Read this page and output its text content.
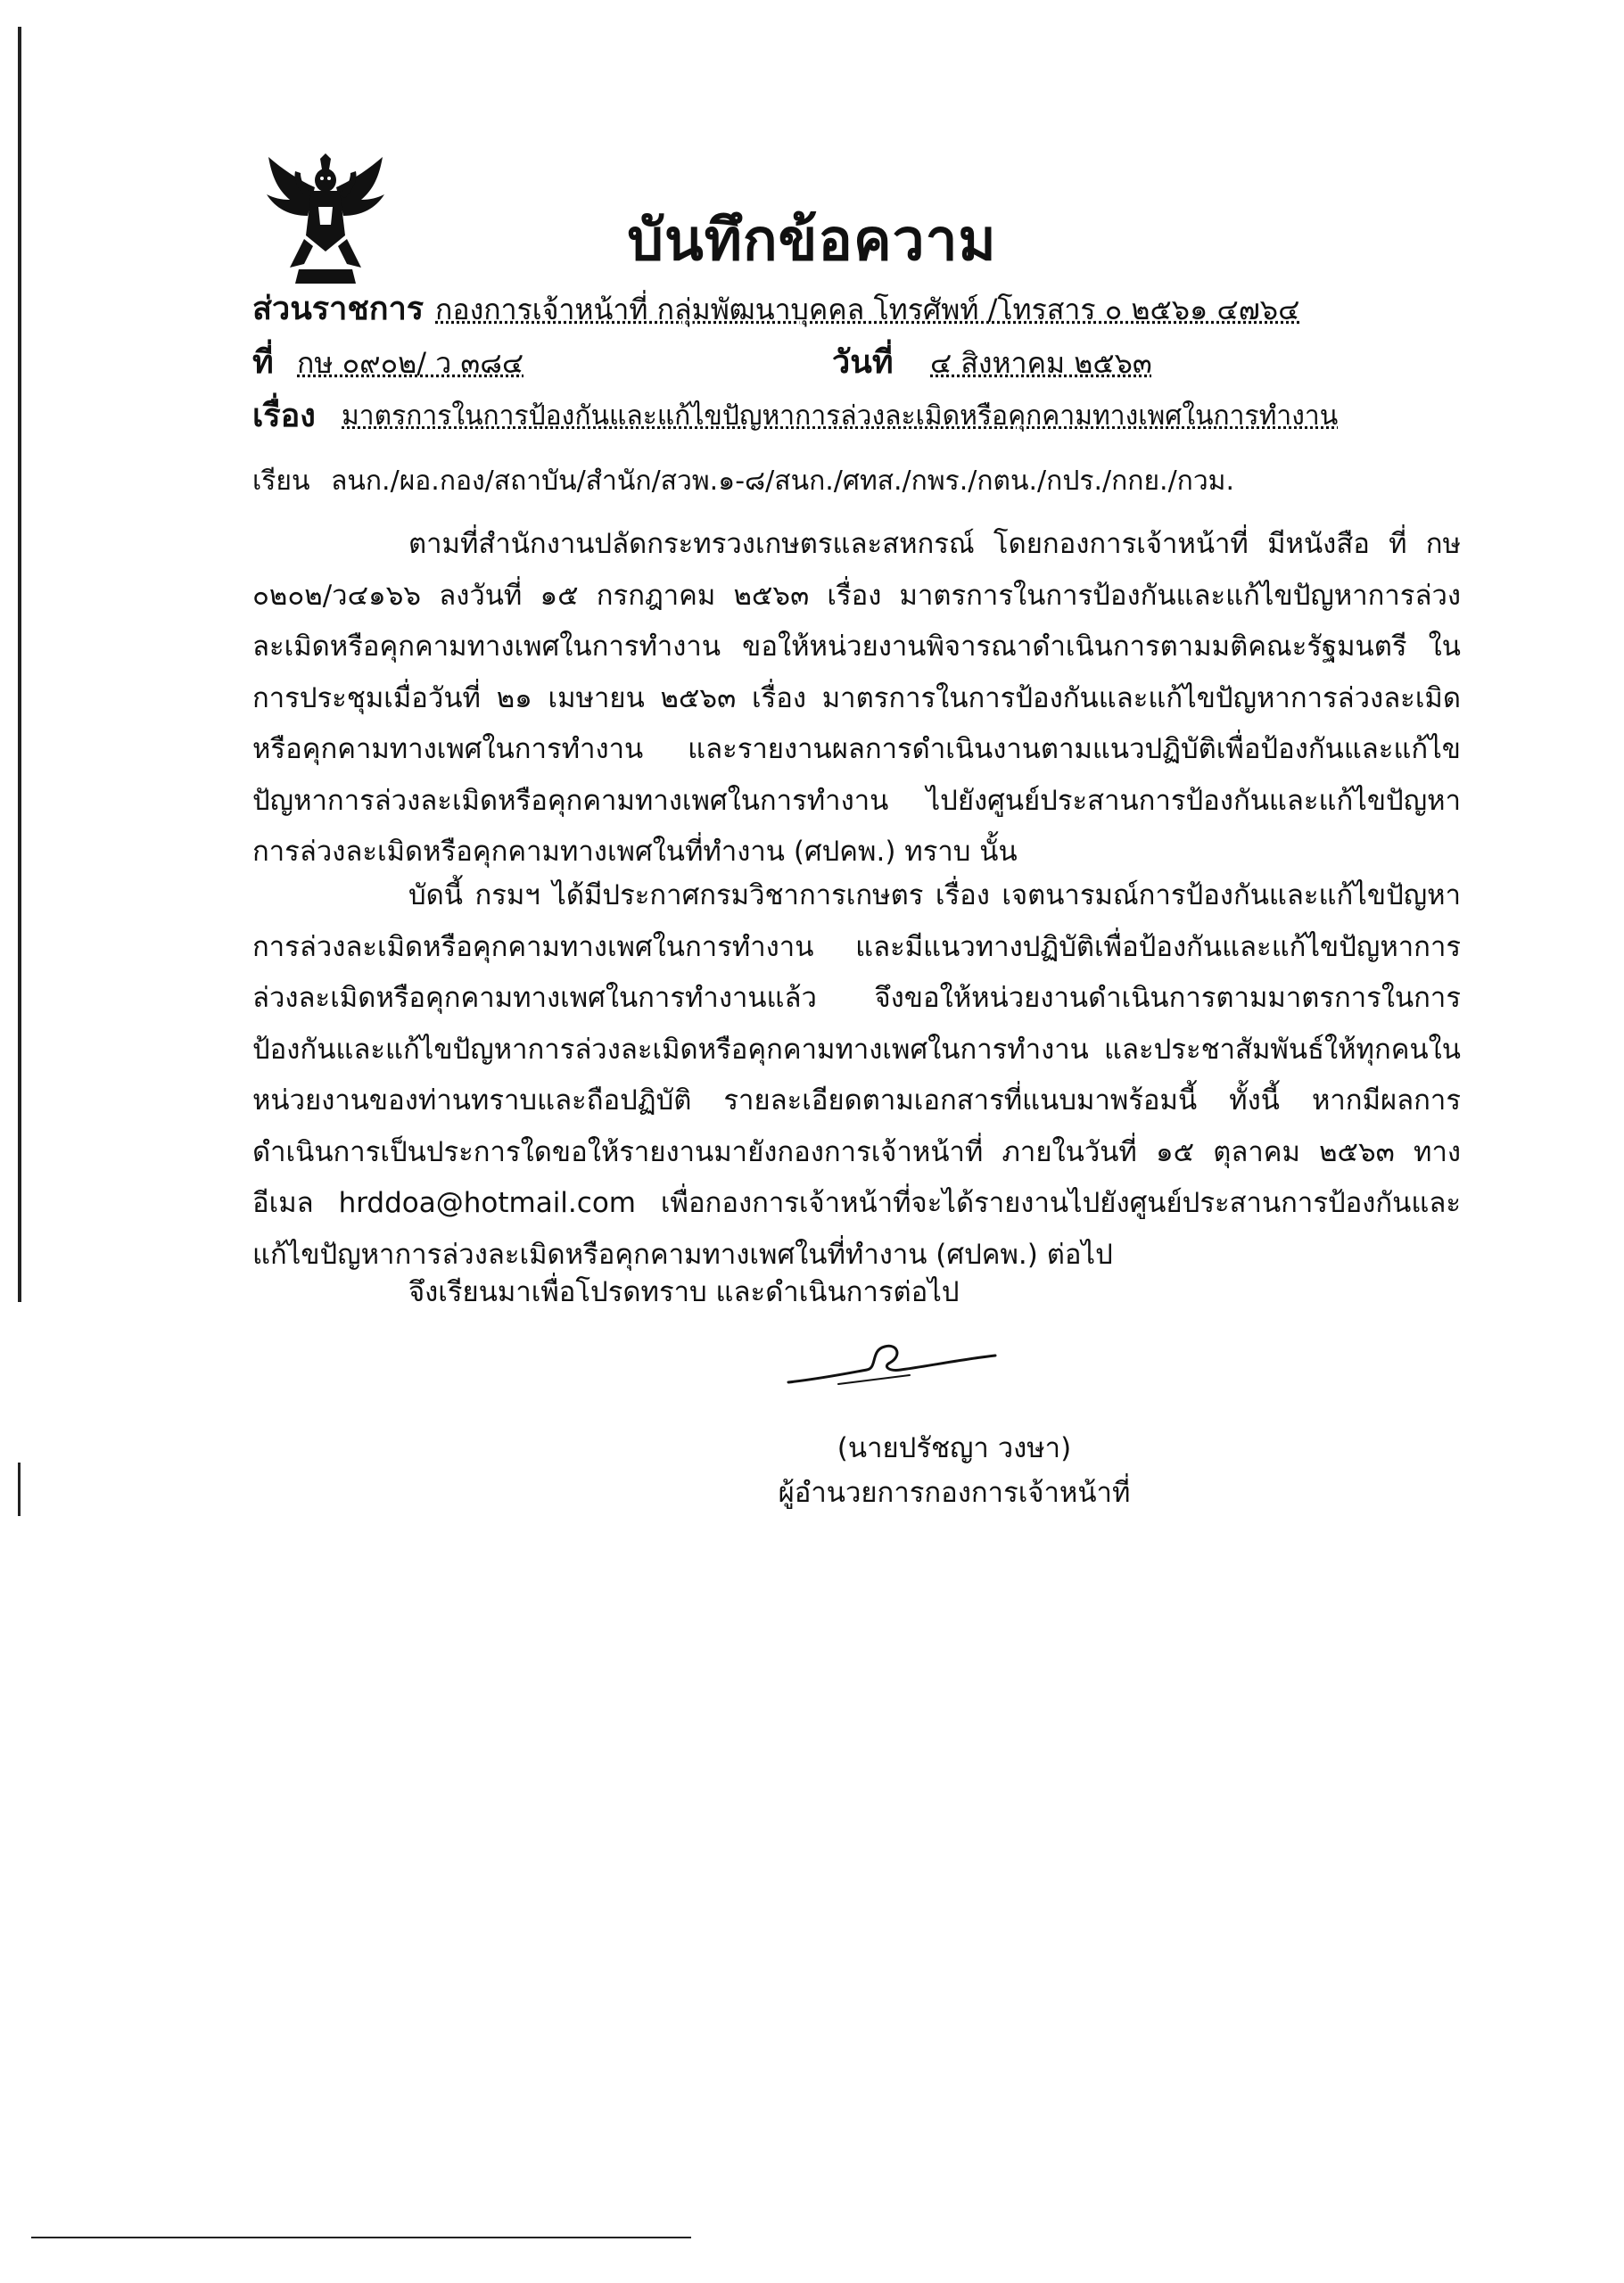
บันทึกข้อความ
ส่วนราชการ กองการเจ้าหน้าที่ กลุ่มพัฒนาบุคคล โทรศัพท์ /โทรสาร ๐ ๒๕๖๑ ๔๗๖๔
ที่ กษ ๐๙๐๒/ ว ๓๘๔	วันที่ ๔ สิงหาคม ๒๕๖๓
เรื่อง มาตรการในการป้องกันและแก้ไขปัญหาการล่วงละเมิดหรือคุกคามทางเพศในการทำงาน
เรียน ลนก./ผอ.กอง/สถาบัน/สำนัก/สวพ.๑-๘/สนก./ศทส./กพร./กตน./กปร./กกย./กวม.

ตามที่สำนักงานปลัดกระทรวงเกษตรและสหกรณ์ โดยกองการเจ้าหน้าที่ มีหนังสือ ที่ กษ ๐๒๐๒/ว๔๑๖๖ ลงวันที่ ๑๕ กรกฎาคม ๒๕๖๓ เรื่อง มาตรการในการป้องกันและแก้ไขปัญหาการล่วงละเมิดหรือคุกคามทางเพศในการทำงาน ขอให้หน่วยงานพิจารณาดำเนินการตามมติคณะรัฐมนตรี ในการประชุมเมื่อวันที่ ๒๑ เมษายน ๒๕๖๓ เรื่อง มาตรการในการป้องกันและแก้ไขปัญหาการล่วงละเมิดหรือคุกคามทางเพศในการทำงาน และรายงานผลการดำเนินงานตามแนวปฏิบัติเพื่อป้องกันและแก้ไขปัญหาการล่วงละเมิดหรือคุกคามทางเพศในการทำงาน ไปยังศูนย์ประสานการป้องกันและแก้ไขปัญหาการล่วงละเมิดหรือคุกคามทางเพศในที่ทำงาน (ศปคพ.) ทราบ นั้น

บัดนี้ กรมฯ ได้มีประกาศกรมวิชาการเกษตร เรื่อง เจตนารมณ์การป้องกันและแก้ไขปัญหาการล่วงละเมิดหรือคุกคามทางเพศในการทำงาน และมีแนวทางปฏิบัติเพื่อป้องกันและแก้ไขปัญหาการล่วงละเมิดหรือคุกคามทางเพศในการทำงานแล้ว จึงขอให้หน่วยงานดำเนินการตามมาตรการในการป้องกันและแก้ไขปัญหาการล่วงละเมิดหรือคุกคามทางเพศในการทำงาน และประชาสัมพันธ์ให้ทุกคนในหน่วยงานของท่านทราบและถือปฏิบัติ รายละเอียดตามเอกสารที่แนบมาพร้อมนี้ ทั้งนี้ หากมีผลการดำเนินการเป็นประการใดขอให้รายงานมายังกองการเจ้าหน้าที่ ภายในวันที่ ๑๕ ตุลาคม ๒๕๖๓ ทางอีเมล hrddoa@hotmail.com เพื่อกองการเจ้าหน้าที่จะได้รายงานไปยังศูนย์ประสานการป้องกันและแก้ไขปัญหาการล่วงละเมิดหรือคุกคามทางเพศในที่ทำงาน (ศปคพ.) ต่อไป

จึงเรียนมาเพื่อโปรดทราบ และดำเนินการต่อไป
(นายปรัชญา วงษา)
ผู้อำนวยการกองการเจ้าหน้าที่
